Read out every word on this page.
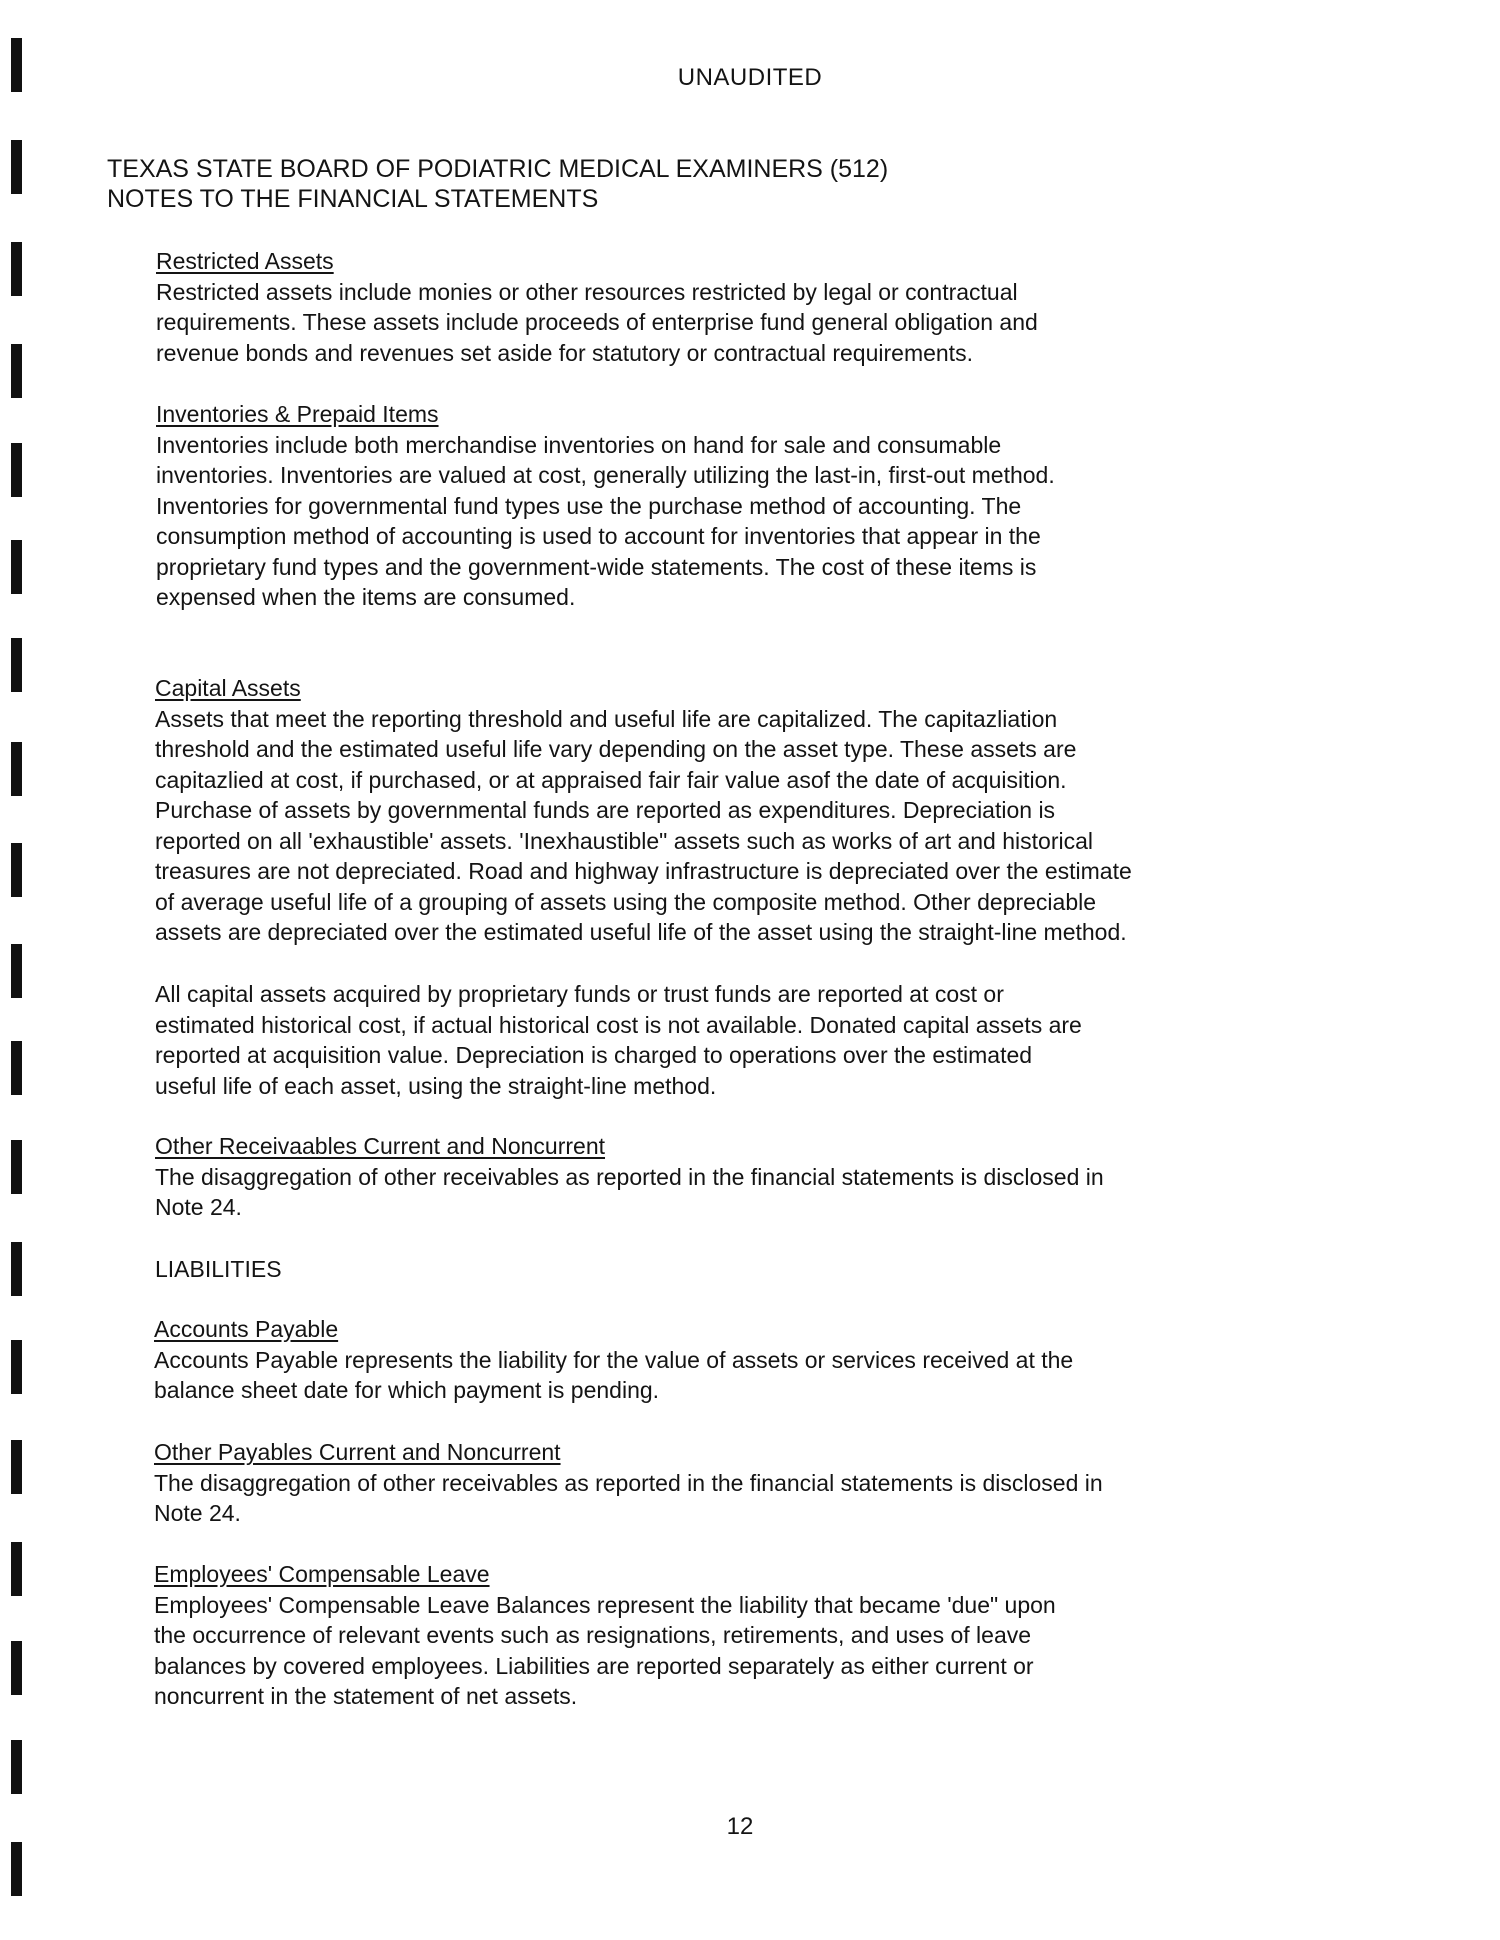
UNAUDITED
TEXAS STATE BOARD OF PODIATRIC MEDICAL EXAMINERS (512)
NOTES TO THE FINANCIAL STATEMENTS
Restricted Assets
Restricted assets include monies or other resources restricted by legal or contractual
requirements. These assets include proceeds of enterprise fund general obligation and
revenue bonds and revenues set aside for statutory or contractual requirements.
Inventories & Prepaid Items
Inventories include both merchandise inventories on hand for sale and consumable
inventories. Inventories are valued at cost, generally utilizing the last-in, first-out method.
Inventories for governmental fund types use the purchase method of accounting. The
consumption method of accounting is used to account for inventories that appear in the
proprietary fund types and the government-wide statements. The cost of these items is
expensed when the items are consumed.
Capital Assets
Assets that meet the reporting threshold and useful life are capitalized. The capitazliation
threshold and the estimated useful life vary depending on the asset type. These assets are
capitazlied at cost, if purchased, or at appraised fair fair value asof the date of acquisition.
Purchase of assets by governmental funds are reported as expenditures. Depreciation is
reported on all 'exhaustible' assets. 'Inexhaustible" assets such as works of art and historical
treasures are not depreciated. Road and highway infrastructure is depreciated over the estimate
of average useful life of a grouping of assets using the composite method. Other depreciable
assets are depreciated over the estimated useful life of the asset using the straight-line method.
All capital assets acquired by proprietary funds or trust funds are reported at cost or
estimated historical cost, if actual historical cost is not available. Donated capital assets are
reported at acquisition value. Depreciation is charged to operations over the estimated
useful life of each asset, using the straight-line method.
Other Receivaables Current and Noncurrent
The disaggregation of other receivables as reported in the financial statements is disclosed in
Note 24.
LIABILITIES
Accounts Payable
Accounts Payable represents the liability for the value of assets or services received at the
balance sheet date for which payment is pending.
Other Payables Current and Noncurrent
The disaggregation of other receivables as reported in the financial statements is disclosed in
Note 24.
Employees' Compensable Leave
Employees' Compensable Leave Balances represent the liability that became 'due" upon
the occurrence of relevant events such as resignations, retirements, and uses of leave
balances by covered employees. Liabilities are reported separately as either current or
noncurrent in the statement of net assets.
12
